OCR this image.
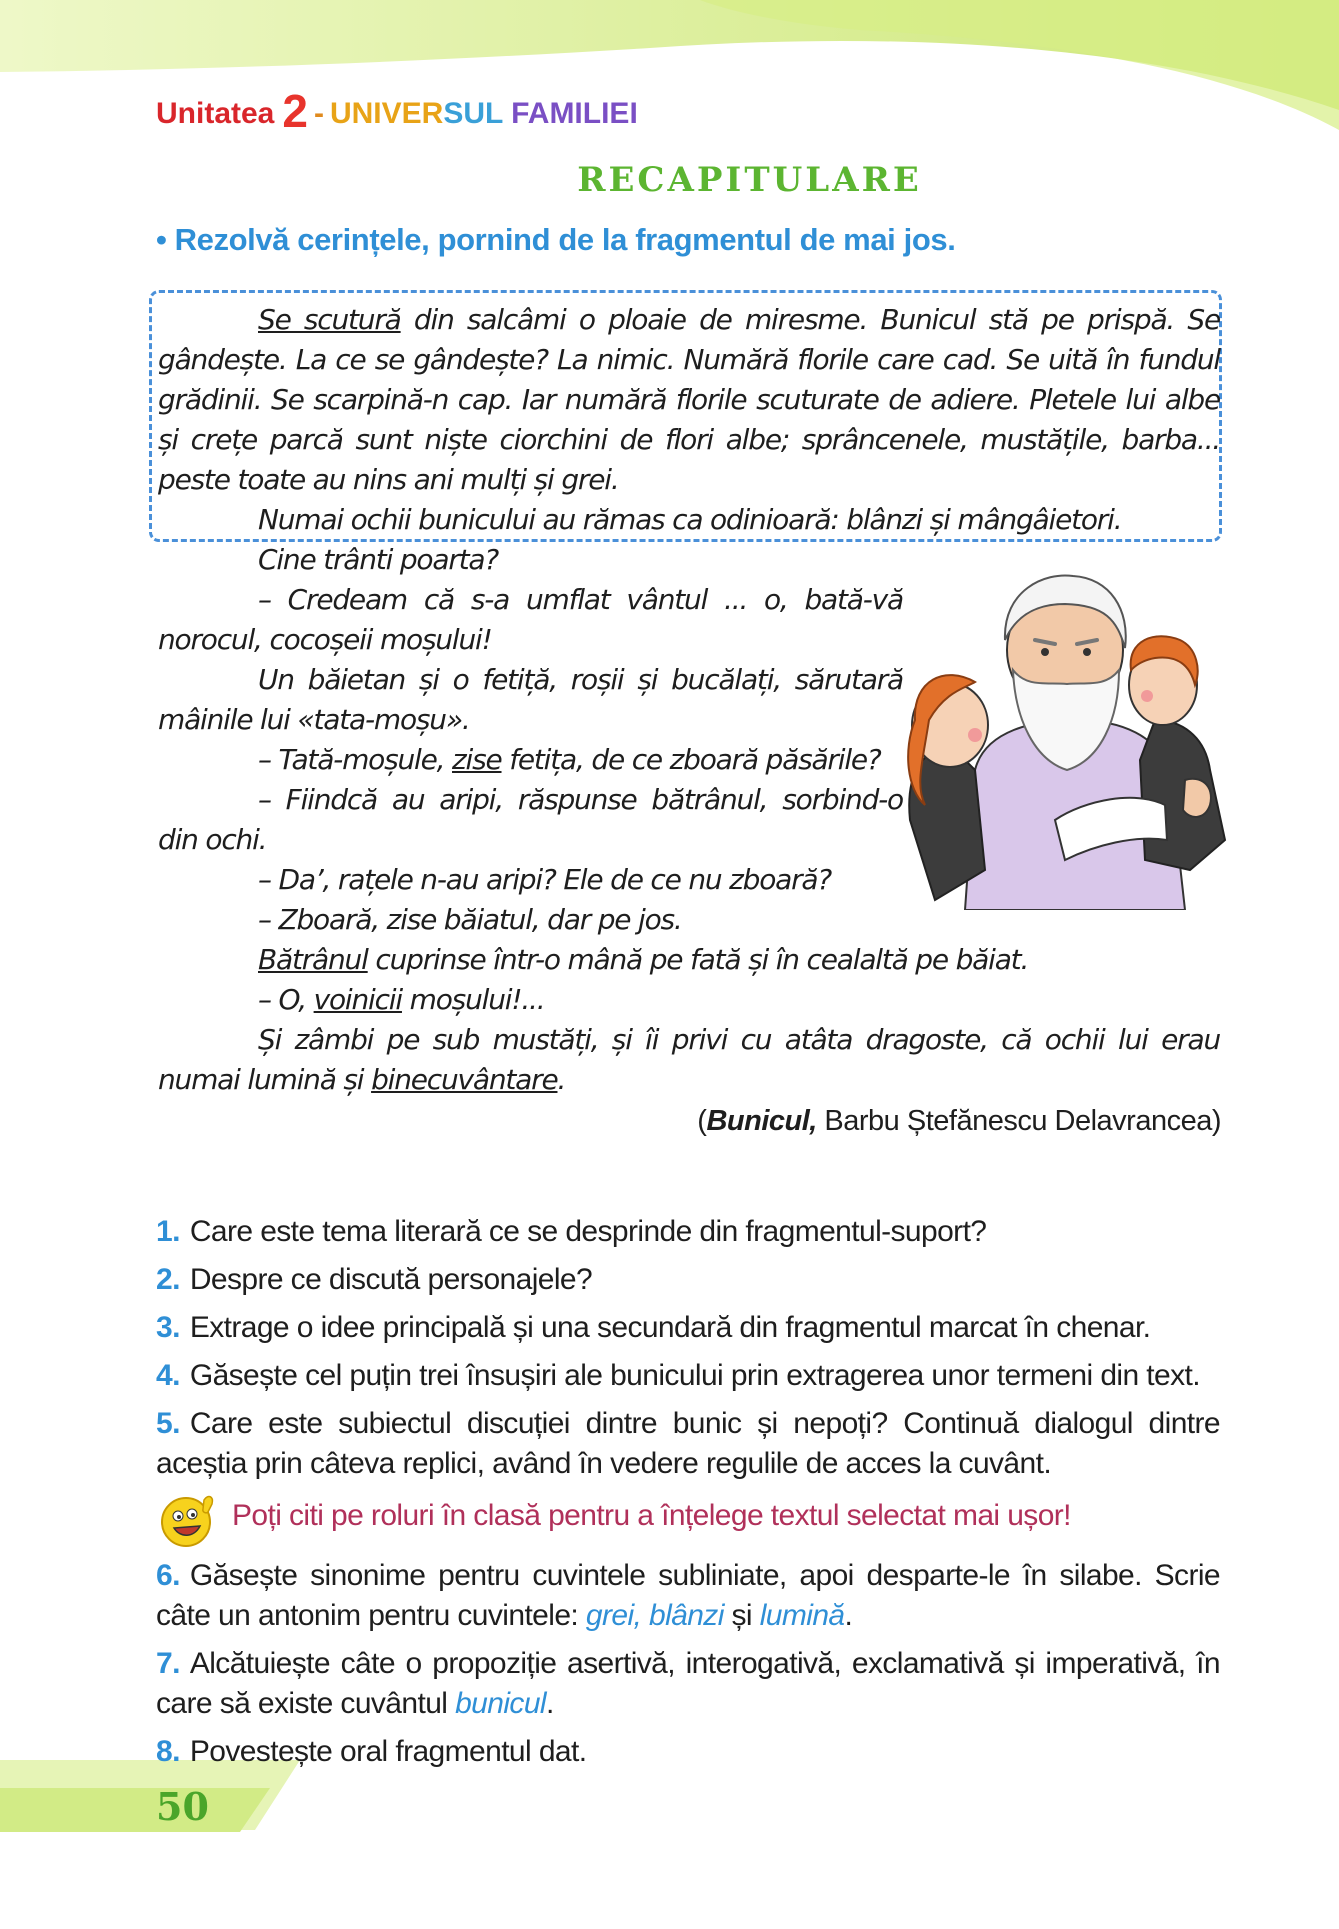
Unitatea 2 - UNIVERSUL FAMILIEI
RECAPITULARE
• Rezolvă cerințele, pornind de la fragmentul de mai jos.

Se scutură din salcâmi o ploaie de miresme. Bunicul stă pe prispă. Se gândește. La ce se gândește? La nimic. Numără florile care cad. Se uită în fundul grădinii. Se scarpină-n cap. Iar numără florile scuturate de adiere. Pletele lui albe și crețe parcă sunt niște ciorchini de flori albe; sprâncenele, mustățile, barba... peste toate au nins ani mulți și grei.

Numai ochii bunicului au rămas ca odinioară: blânzi și mângâietori.

Cine trânti poarta?

– Credeam că s-a umflat vântul ... o, bată-vă norocul, cocoșeii moșului!

Un băietan și o fetiță, roșii și bucălați, sărutară mâinile lui «tata-moșu».

– Tată-moșule, zise fetița, de ce zboară păsările?

– Fiindcă au aripi, răspunse bătrânul, sorbind-o din ochi.

– Da’, rațele n-au aripi? Ele de ce nu zboară?

– Zboară, zise băiatul, dar pe jos.

Bătrânul cuprinse într-o mână pe fată și în cealaltă pe băiat.

– O, voinicii moșului!...

Și zâmbi pe sub mustăți, și îi privi cu atâta dragoste, că ochii lui erau numai lumină și binecuvântare.

(Bunicul, Barbu Ștefănescu Delavrancea)

1. Care este tema literară ce se desprinde din fragmentul-suport?

2. Despre ce discută personajele?

3. Extrage o idee principală și una secundară din fragmentul marcat în chenar.

4. Găsește cel puțin trei însușiri ale bunicului prin extragerea unor termeni din text.

5. Care este subiectul discuției dintre bunic și nepoți? Continuă dialogul dintre aceștia prin câteva replici, având în vedere regulile de acces la cuvânt.

Poți citi pe roluri în clasă pentru a înțelege textul selectat mai ușor!

6. Găsește sinonime pentru cuvintele subliniate, apoi desparte-le în silabe. Scrie câte un antonim pentru cuvintele: grei, blânzi și lumină.

7. Alcătuiește câte o propoziție asertivă, interogativă, exclamativă și imperativă, în care să existe cuvântul bunicul.

8. Povestește oral fragmentul dat.

50
